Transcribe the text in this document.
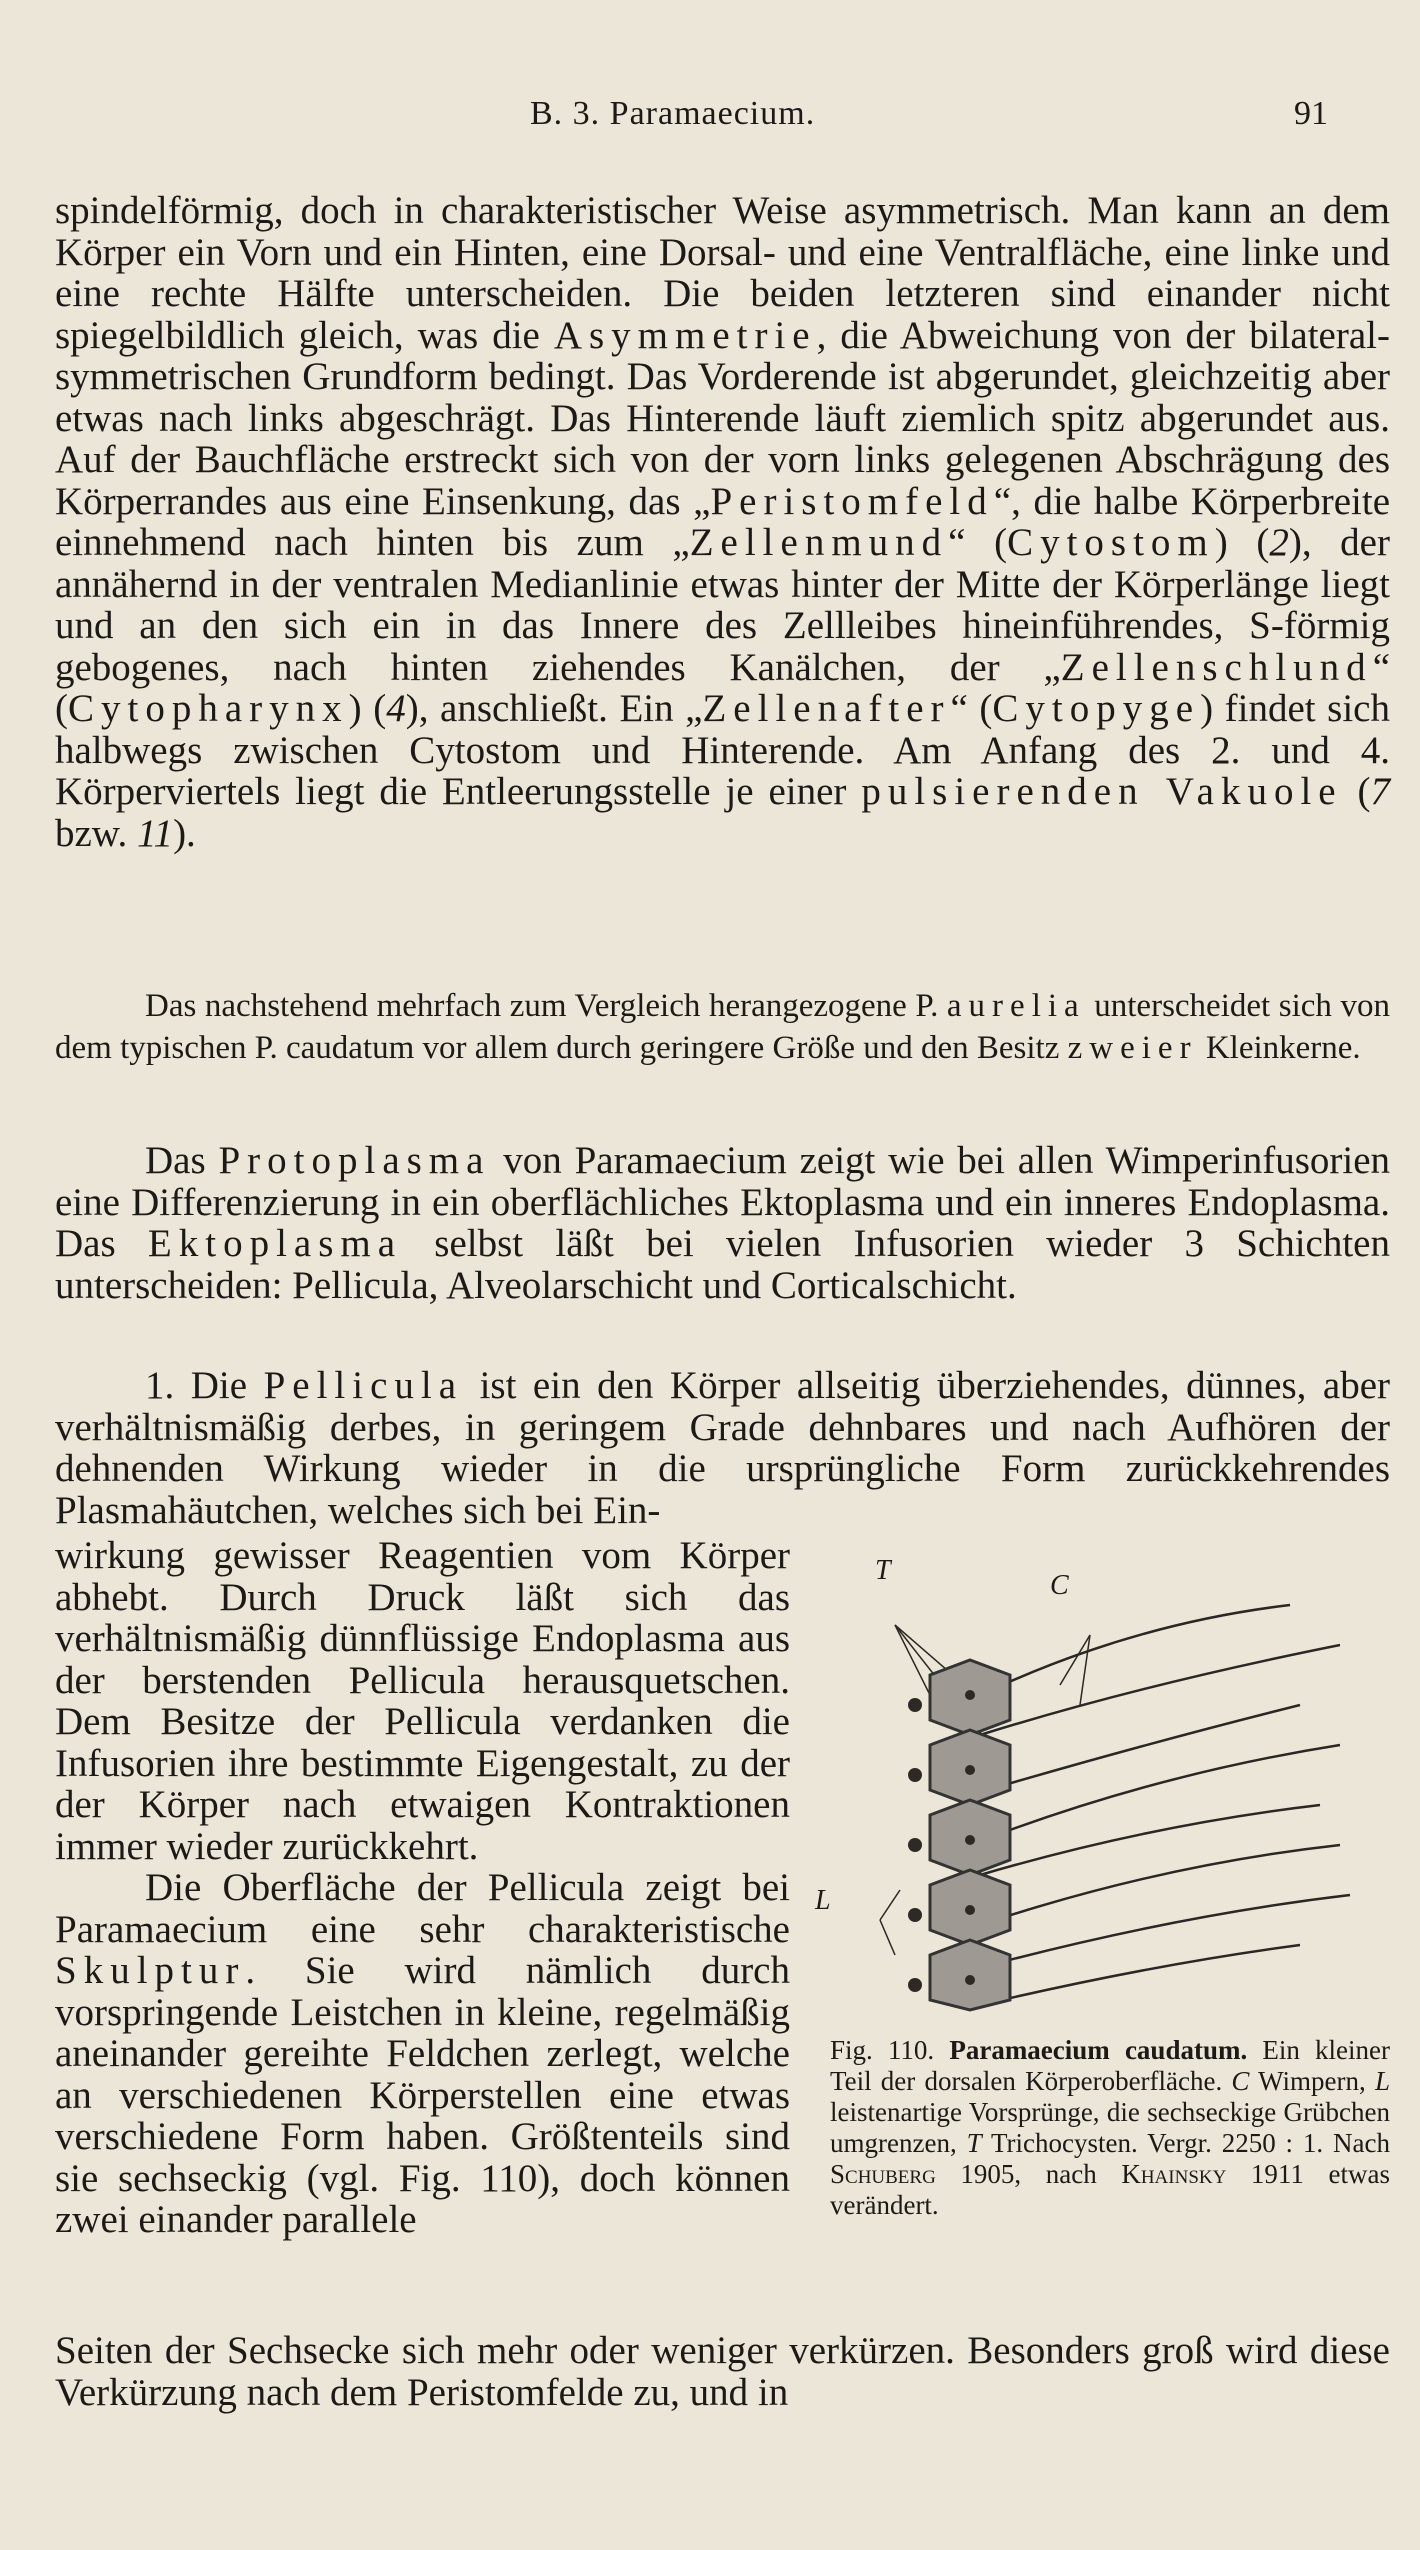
B. 3. Paramaecium.	91

spindelförmig, doch in charakteristischer Weise asymmetrisch. Man kann an dem Körper ein Vorn und ein Hinten, eine Dorsal- und eine Ventralfläche, eine linke und eine rechte Hälfte unterscheiden. Die beiden letzteren sind einander nicht spiegelbildlich gleich, was die Asymmetrie, die Abweichung von der bilateral-symmetrischen Grundform bedingt. Das Vorderende ist abgerundet, gleichzeitig aber etwas nach links abgeschrägt. Das Hinterende läuft ziemlich spitz abgerundet aus. Auf der Bauchfläche erstreckt sich von der vorn links gelegenen Abschrägung des Körperrandes aus eine Einsenkung, das „Peristomfeld“, die halbe Körperbreite einnehmend nach hinten bis zum „Zellenmund“ (Cytostom) (2), der annähernd in der ventralen Medianlinie etwas hinter der Mitte der Körperlänge liegt und an den sich ein in das Innere des Zellleibes hineinführendes, S-förmig gebogenes, nach hinten ziehendes Kanälchen, der „Zellenschlund“ (Cytopharynx) (4), anschließt. Ein „Zellenafter“ (Cytopyge) findet sich halbwegs zwischen Cytostom und Hinterende. Am Anfang des 2. und 4. Körperviertels liegt die Entleerungsstelle je einer pulsierenden Vakuole (7 bzw. 11).

Das nachstehend mehrfach zum Vergleich herangezogene P. aurelia unterscheidet sich von dem typischen P. caudatum vor allem durch geringere Größe und den Besitz zweier Kleinkerne.

Das Protoplasma von Paramaecium zeigt wie bei allen Wimperinfusorien eine Differenzierung in ein oberflächliches Ektoplasma und ein inneres Endoplasma. Das Ektoplasma selbst läßt bei vielen Infusorien wieder 3 Schichten unterscheiden: Pellicula, Alveolarschicht und Corticalschicht.

1. Die Pellicula ist ein den Körper allseitig überziehendes, dünnes, aber verhältnismäßig derbes, in geringem Grade dehnbares und nach Aufhören der dehnenden Wirkung wieder in die ursprüngliche Form zurückkehrendes Plasmahäutchen, welches sich bei Ein-

wirkung gewisser Reagentien vom Körper abhebt. Durch Druck läßt sich das verhältnismäßig dünnflüssige Endoplasma aus der berstenden Pellicula herausquetschen. Dem Besitze der Pellicula verdanken die Infusorien ihre bestimmte Eigengestalt, zu der der Körper nach etwaigen Kontraktionen immer wieder zurückkehrt.

Die Oberfläche der Pellicula zeigt bei Paramaecium eine sehr charakteristische Skulptur. Sie wird nämlich durch vorspringende Leistchen in kleine, regelmäßig aneinander gereihte Feldchen zerlegt, welche an verschiedenen Körperstellen eine etwas verschiedene Form haben. Größtenteils sind sie sechseckig (vgl. Fig. 110), doch können zwei einander parallele

T	C
L
Fig. 110. Paramaecium caudatum. Ein kleiner Teil der dorsalen Körperoberfläche. C Wimpern, L leistenartige Vorsprünge, die sechseckige Grübchen umgrenzen, T Trichocysten. Vergr. 2250 : 1. Nach Schuberg 1905, nach Khainsky 1911 etwas verändert.

Seiten der Sechsecke sich mehr oder weniger verkürzen. Besonders groß wird diese Verkürzung nach dem Peristomfelde zu, und in
